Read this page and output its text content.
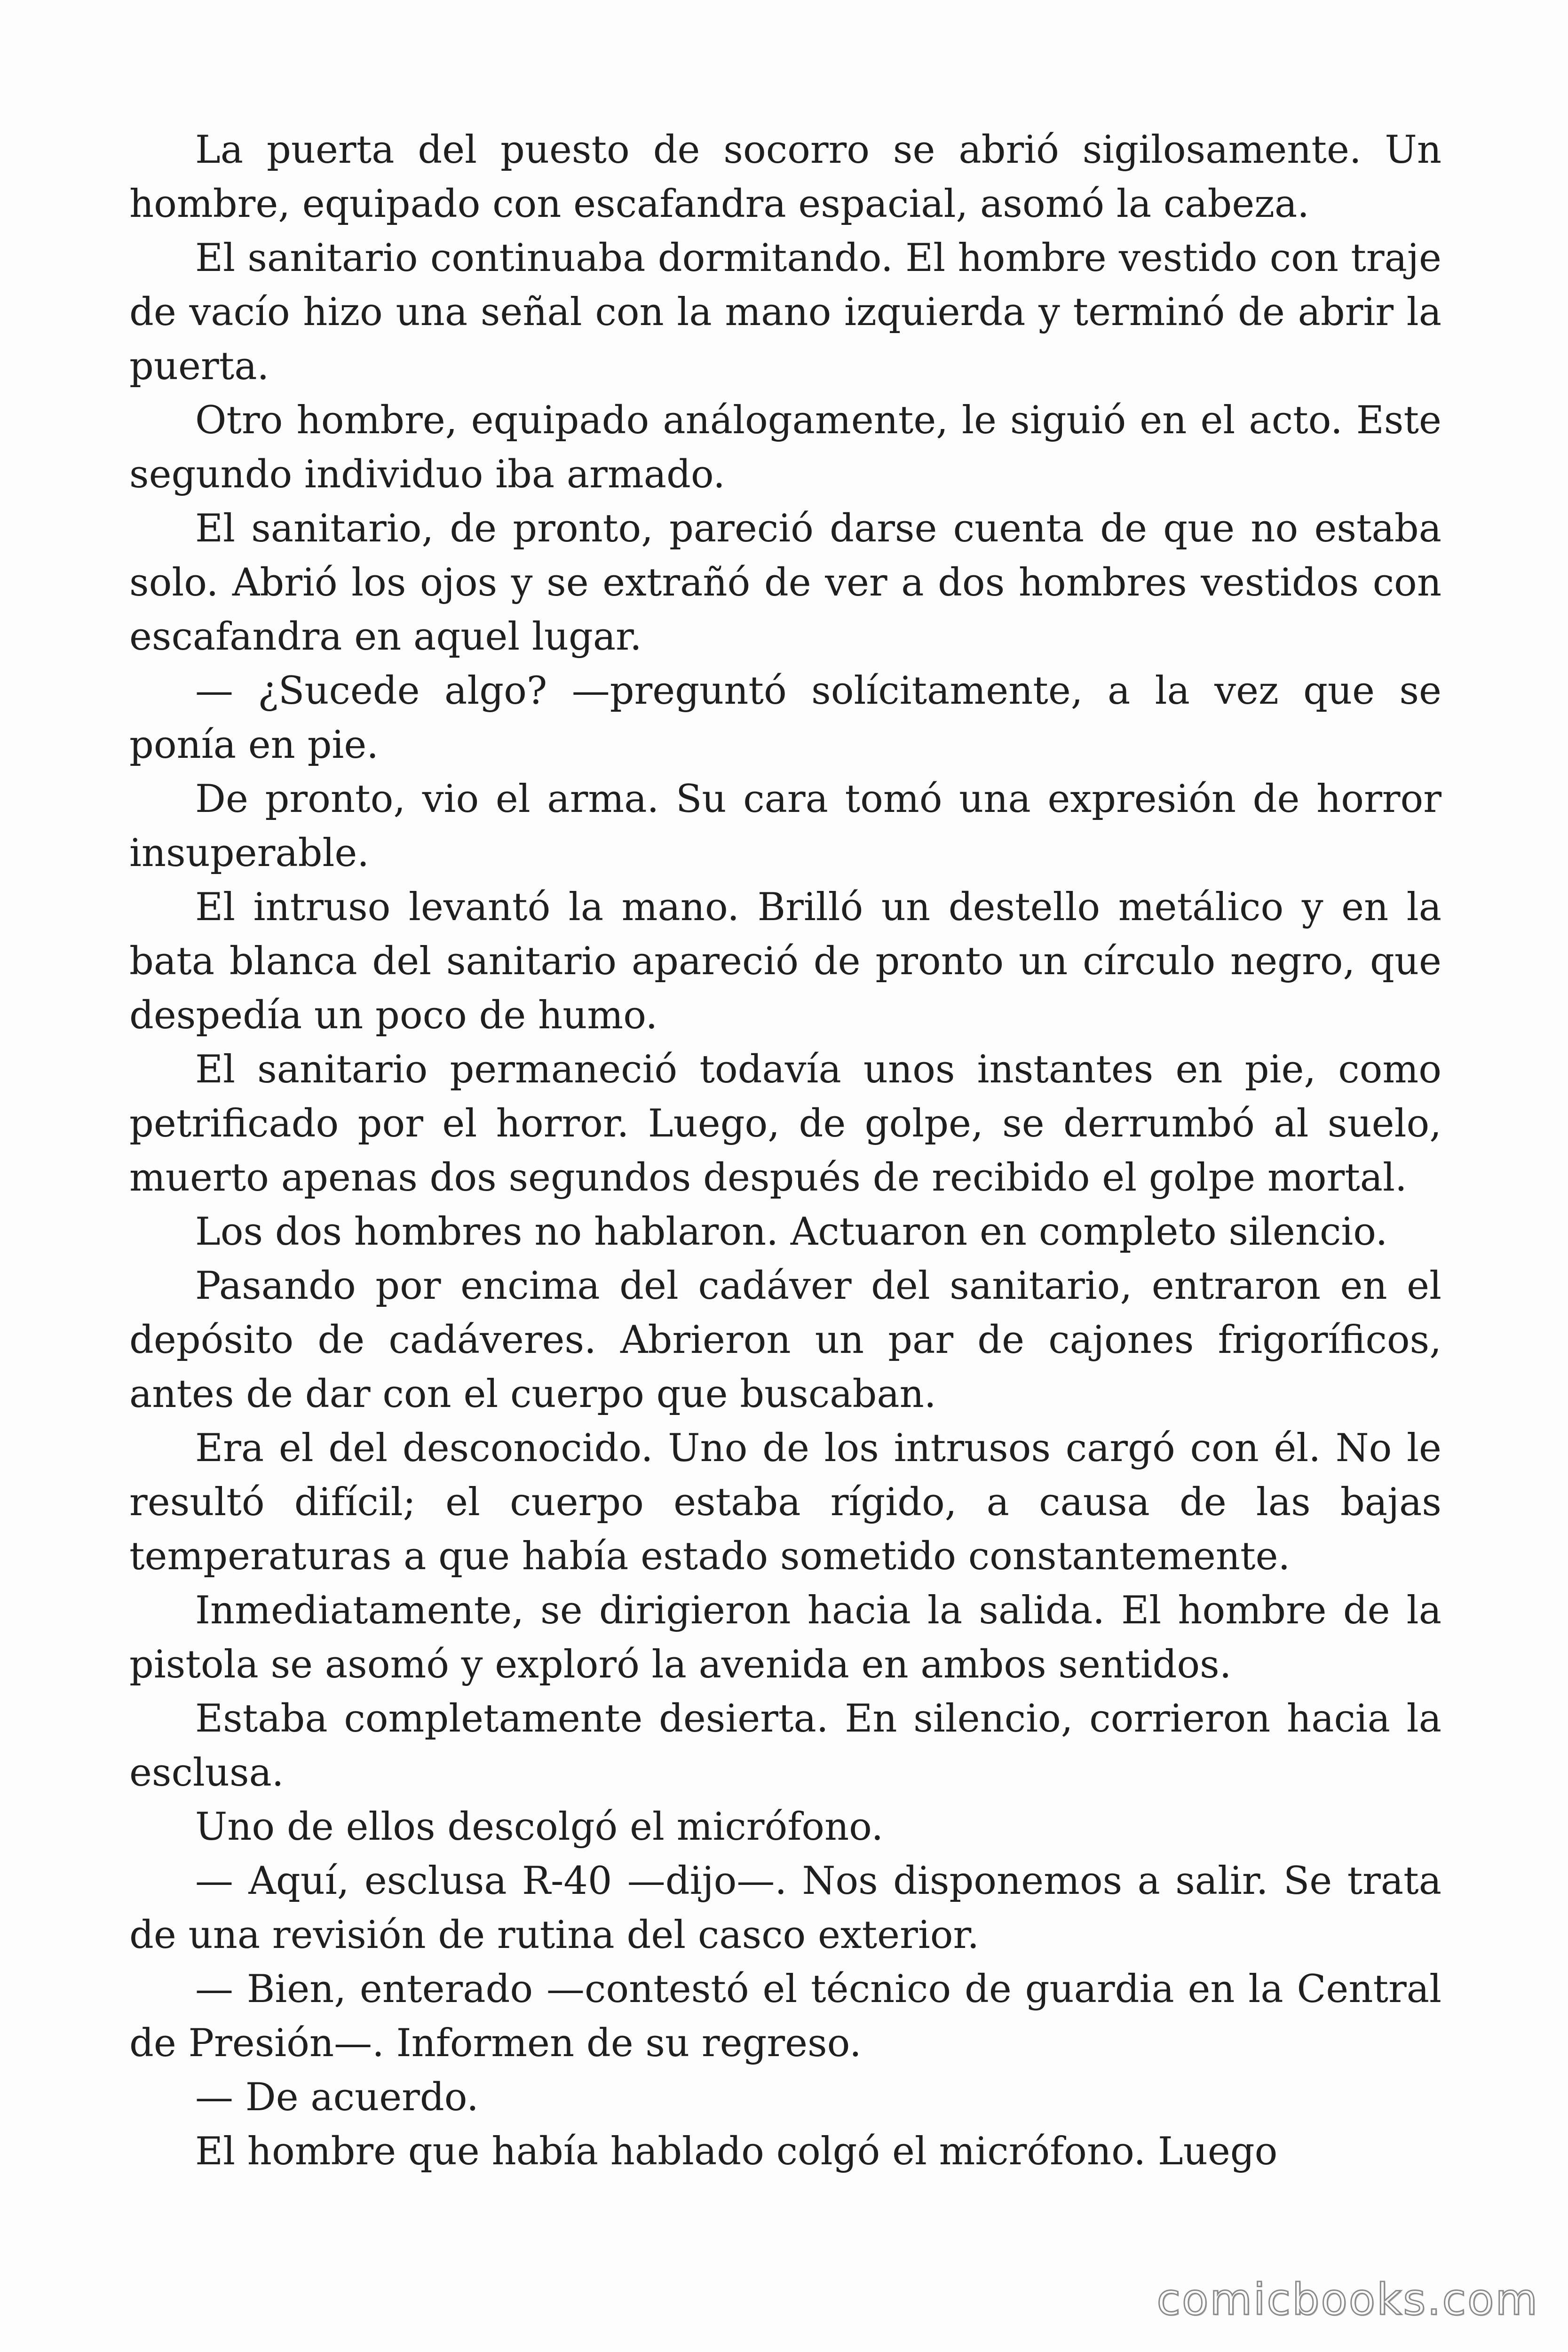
La puerta del puesto de socorro se abrió sigilosamente. Un hombre, equipado con escafandra espacial, asomó la cabeza.

El sanitario continuaba dormitando. El hombre vestido con traje de vacío hizo una señal con la mano izquierda y terminó de abrir la puerta.

Otro hombre, equipado análogamente, le siguió en el acto. Este segundo individuo iba armado.

El sanitario, de pronto, pareció darse cuenta de que no estaba solo. Abrió los ojos y se extrañó de ver a dos hombres vestidos con escafandra en aquel lugar.

— ¿Sucede algo? —preguntó solícitamente, a la vez que se ponía en pie.

De pronto, vio el arma. Su cara tomó una expresión de horror insuperable.

El intruso levantó la mano. Brilló un destello metálico y en la bata blanca del sanitario apareció de pronto un círculo negro, que despedía un poco de humo.

El sanitario permaneció todavía unos instantes en pie, como petrificado por el horror. Luego, de golpe, se derrumbó al suelo, muerto apenas dos segundos después de recibido el golpe mortal.

Los dos hombres no hablaron. Actuaron en completo silencio.

Pasando por encima del cadáver del sanitario, entraron en el depósito de cadáveres. Abrieron un par de cajones frigoríficos, antes de dar con el cuerpo que buscaban.

Era el del desconocido. Uno de los intrusos cargó con él. No le resultó difícil; el cuerpo estaba rígido, a causa de las bajas temperaturas a que había estado sometido constantemente.

Inmediatamente, se dirigieron hacia la salida. El hombre de la pistola se asomó y exploró la avenida en ambos sentidos.

Estaba completamente desierta. En silencio, corrieron hacia la esclusa.

Uno de ellos descolgó el micrófono.

— Aquí, esclusa R-40 —dijo—. Nos disponemos a salir. Se trata de una revisión de rutina del casco exterior.

— Bien, enterado —contestó el técnico de guardia en la Central de Presión—. Informen de su regreso.

— De acuerdo.

El hombre que había hablado colgó el micrófono. Luego

comicbooks.com
